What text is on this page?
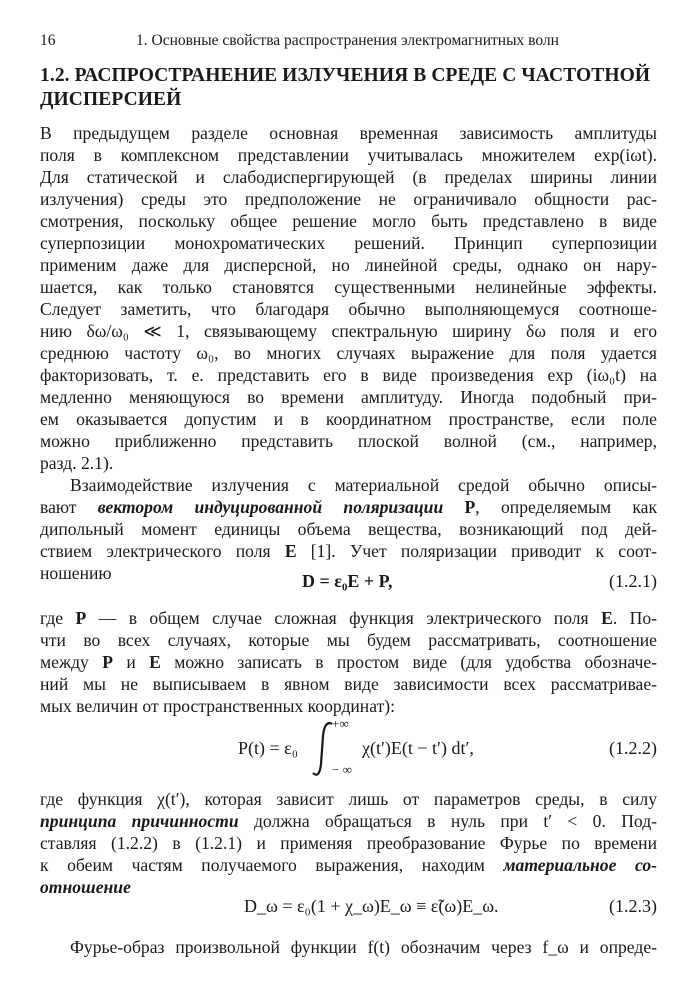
16	1. Основные свойства распространения электромагнитных волн
1.2. РАСПРОСТРАНЕНИЕ ИЗЛУЧЕНИЯ В СРЕДЕ С ЧАСТОТНОЙ
ДИСПЕРСИЕЙ
В предыдущем разделе основная временная зависимость амплитуды
поля в комплексном представлении учитывалась множителем exp(iωt).
Для статической и слабодиспергирующей (в пределах ширины линии
излучения) среды это предположение не ограничивало общности рас-
смотрения, поскольку общее решение могло быть представлено в виде
суперпозиции монохроматических решений. Принцип суперпозиции
применим даже для дисперсной, но линейной среды, однако он нару-
шается, как только становятся существенными нелинейные эффекты.
Следует заметить, что благодаря обычно выполняющемуся соотноше-
нию δω/ω₀ ≪ 1, связывающему спектральную ширину δω поля и его
среднюю частоту ω₀, во многих случаях выражение для поля удается
факторизовать, т. е. представить его в виде произведения exp (iω₀t) на
медленно меняющуюся во времени амплитуду. Иногда подобный при-
ем оказывается допустим и в координатном пространстве, если поле
можно приближенно представить плоской волной (см., например,
разд. 2.1).
Взаимодействие излучения с материальной средой обычно описы-
вают вектором индуцированной поляризации P, определяемым как
дипольный момент единицы объема вещества, возникающий под дей-
ствием электрического поля E [1]. Учет поляризации приводит к соот-
ношению	D = ε₀E + P,	(1.2.1)
где P — в общем случае сложная функция электрического поля E. По-
чти во всех случаях, которые мы будем рассматривать, соотношение
между P и E можно записать в простом виде (для удобства обозначе-
ний мы не выписываем в явном виде зависимости всех рассматривае-
мых величин от пространственных координат):
P(t) = ε₀
+∞
− ∞
χ(t′)E(t − t′) dt′,	(1.2.2)
где функция χ(t′), которая зависит лишь от параметров среды, в силу
принципа причинности должна обращаться в нуль при t′ < 0. Под-
ставляя (1.2.2) в (1.2.1) и применяя преобразование Фурье по времени
к обеим частям получаемого выражения, находим материальное со-
отношение
D_ω = ε₀(1 + χ_ω)E_ω ≡ ε̃(ω)E_ω.	(1.2.3)
Фурье-образ произвольной функции f(t) обозначим через f_ω и опреде-
